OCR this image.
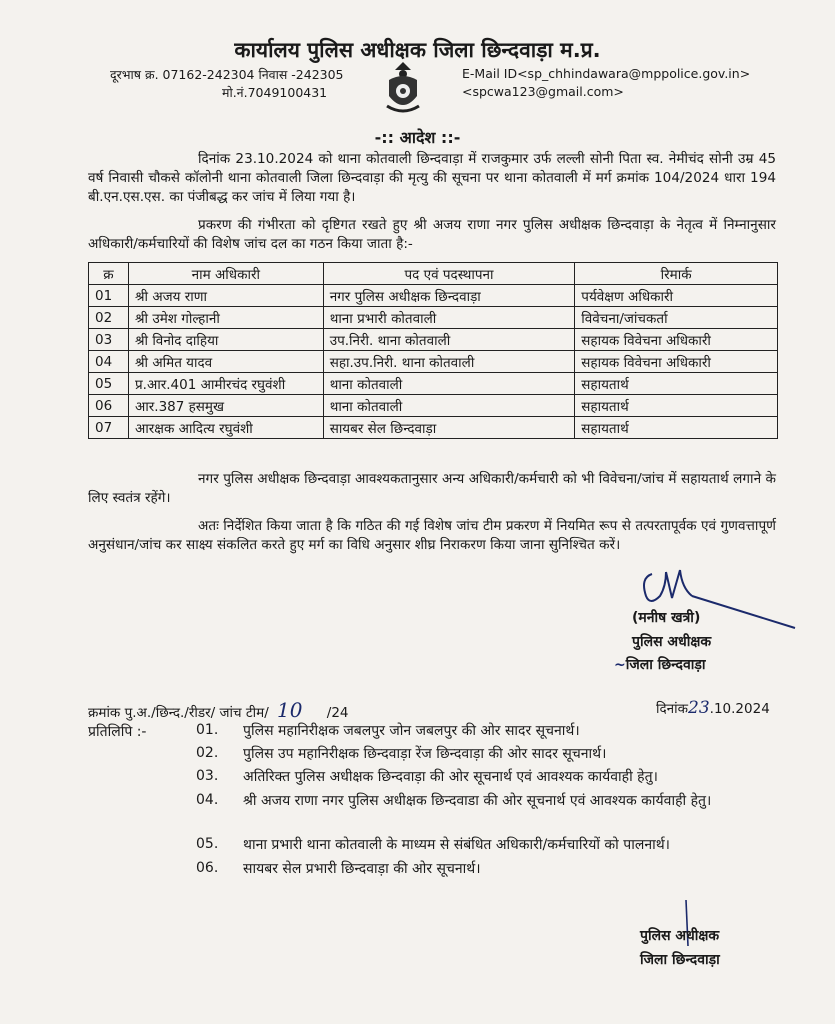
कार्यालय पुलिस अधीक्षक जिला छिन्दवाड़ा म.प्र.
दूरभाष क्र. 07162-242304 निवास -242305
मो.नं.7049100431
E-Mail ID<sp_chhindawara@mppolice.gov.in>
<spcwa123@gmail.com>
-:: आदेश ::-

दिनांक 23.10.2024 को थाना कोतवाली छिन्दवाड़ा में राजकुमार उर्फ लल्ली सोनी पिता स्व. नेमीचंद सोनी उम्र 45 वर्ष निवासी चौकसे कॉलोनी थाना कोतवाली जिला छिन्दवाड़ा की मृत्यु की सूचना पर थाना कोतवाली में मर्ग क्रमांक 104/2024 धारा 194 बी.एन.एस.एस. का पंजीबद्ध कर जांच में लिया गया है।

प्रकरण की गंभीरता को दृष्टिगत रखते हुए श्री अजय राणा नगर पुलिस अधीक्षक छिन्दवाड़ा के नेतृत्व में निम्नानुसार अधिकारी/कर्मचारियों की विशेष जांच दल का गठन किया जाता है:-

क्र	नाम अधिकारी	पद एवं पदस्थापना	रिमार्क
01	श्री अजय राणा	नगर पुलिस अधीक्षक छिन्दवाड़ा	पर्यवेक्षण अधिकारी
02	श्री उमेश गोल्हानी	थाना प्रभारी कोतवाली	विवेचना/जांचकर्ता
03	श्री विनोद दाहिया	उप.निरी. थाना कोतवाली	सहायक विवेचना अधिकारी
04	श्री अमित यादव	सहा.उप.निरी. थाना कोतवाली	सहायक विवेचना अधिकारी
05	प्र.आर.401 आमीरचंद रघुवंशी	थाना कोतवाली	सहायतार्थ
06	आर.387 हसमुख	थाना कोतवाली	सहायतार्थ
07	आरक्षक आदित्य रघुवंशी	सायबर सेल छिन्दवाड़ा	सहायतार्थ

नगर पुलिस अधीक्षक छिन्दवाड़ा आवश्यकतानुसार अन्य अधिकारी/कर्मचारी को भी विवेचना/जांच में सहायतार्थ लगाने के लिए स्वतंत्र रहेंगे।

अतः निर्देशित किया जाता है कि गठित की गई विशेष जांच टीम प्रकरण में नियमित रूप से तत्परतापूर्वक एवं गुणवत्तापूर्ण अनुसंधान/जांच कर साक्ष्य संकलित करते हुए मर्ग का विधि अनुसार शीघ्र निराकरण किया जाना सुनिश्चित करें।

(मनीष खत्री)
पुलिस अधीक्षक
~जिला छिन्दवाड़ा
क्रमांक पु.अ./छिन्द./रीडर/ जांच टीम/ 10 /24	दिनांक23.10.2024
प्रतिलिपि :-	01.	पुलिस महानिरीक्षक जबलपुर जोन जबलपुर की ओर सादर सूचनार्थ।
02.	पुलिस उप महानिरीक्षक छिन्दवाड़ा रेंज छिन्दवाड़ा की ओर सादर सूचनार्थ।
03.	अतिरिक्त पुलिस अधीक्षक छिन्दवाड़ा की ओर सूचनार्थ एवं आवश्यक कार्यवाही हेतु।
04.	श्री अजय राणा नगर पुलिस अधीक्षक छिन्दवाडा की ओर सूचनार्थ एवं आवश्यक कार्यवाही हेतु।
05.	थाना प्रभारी थाना कोतवाली के माध्यम से संबंधित अधिकारी/कर्मचारियों को पालनार्थ।
06.	सायबर सेल प्रभारी छिन्दवाड़ा की ओर सूचनार्थ।
पुलिस अधीक्षक
जिला छिन्दवाड़ा
